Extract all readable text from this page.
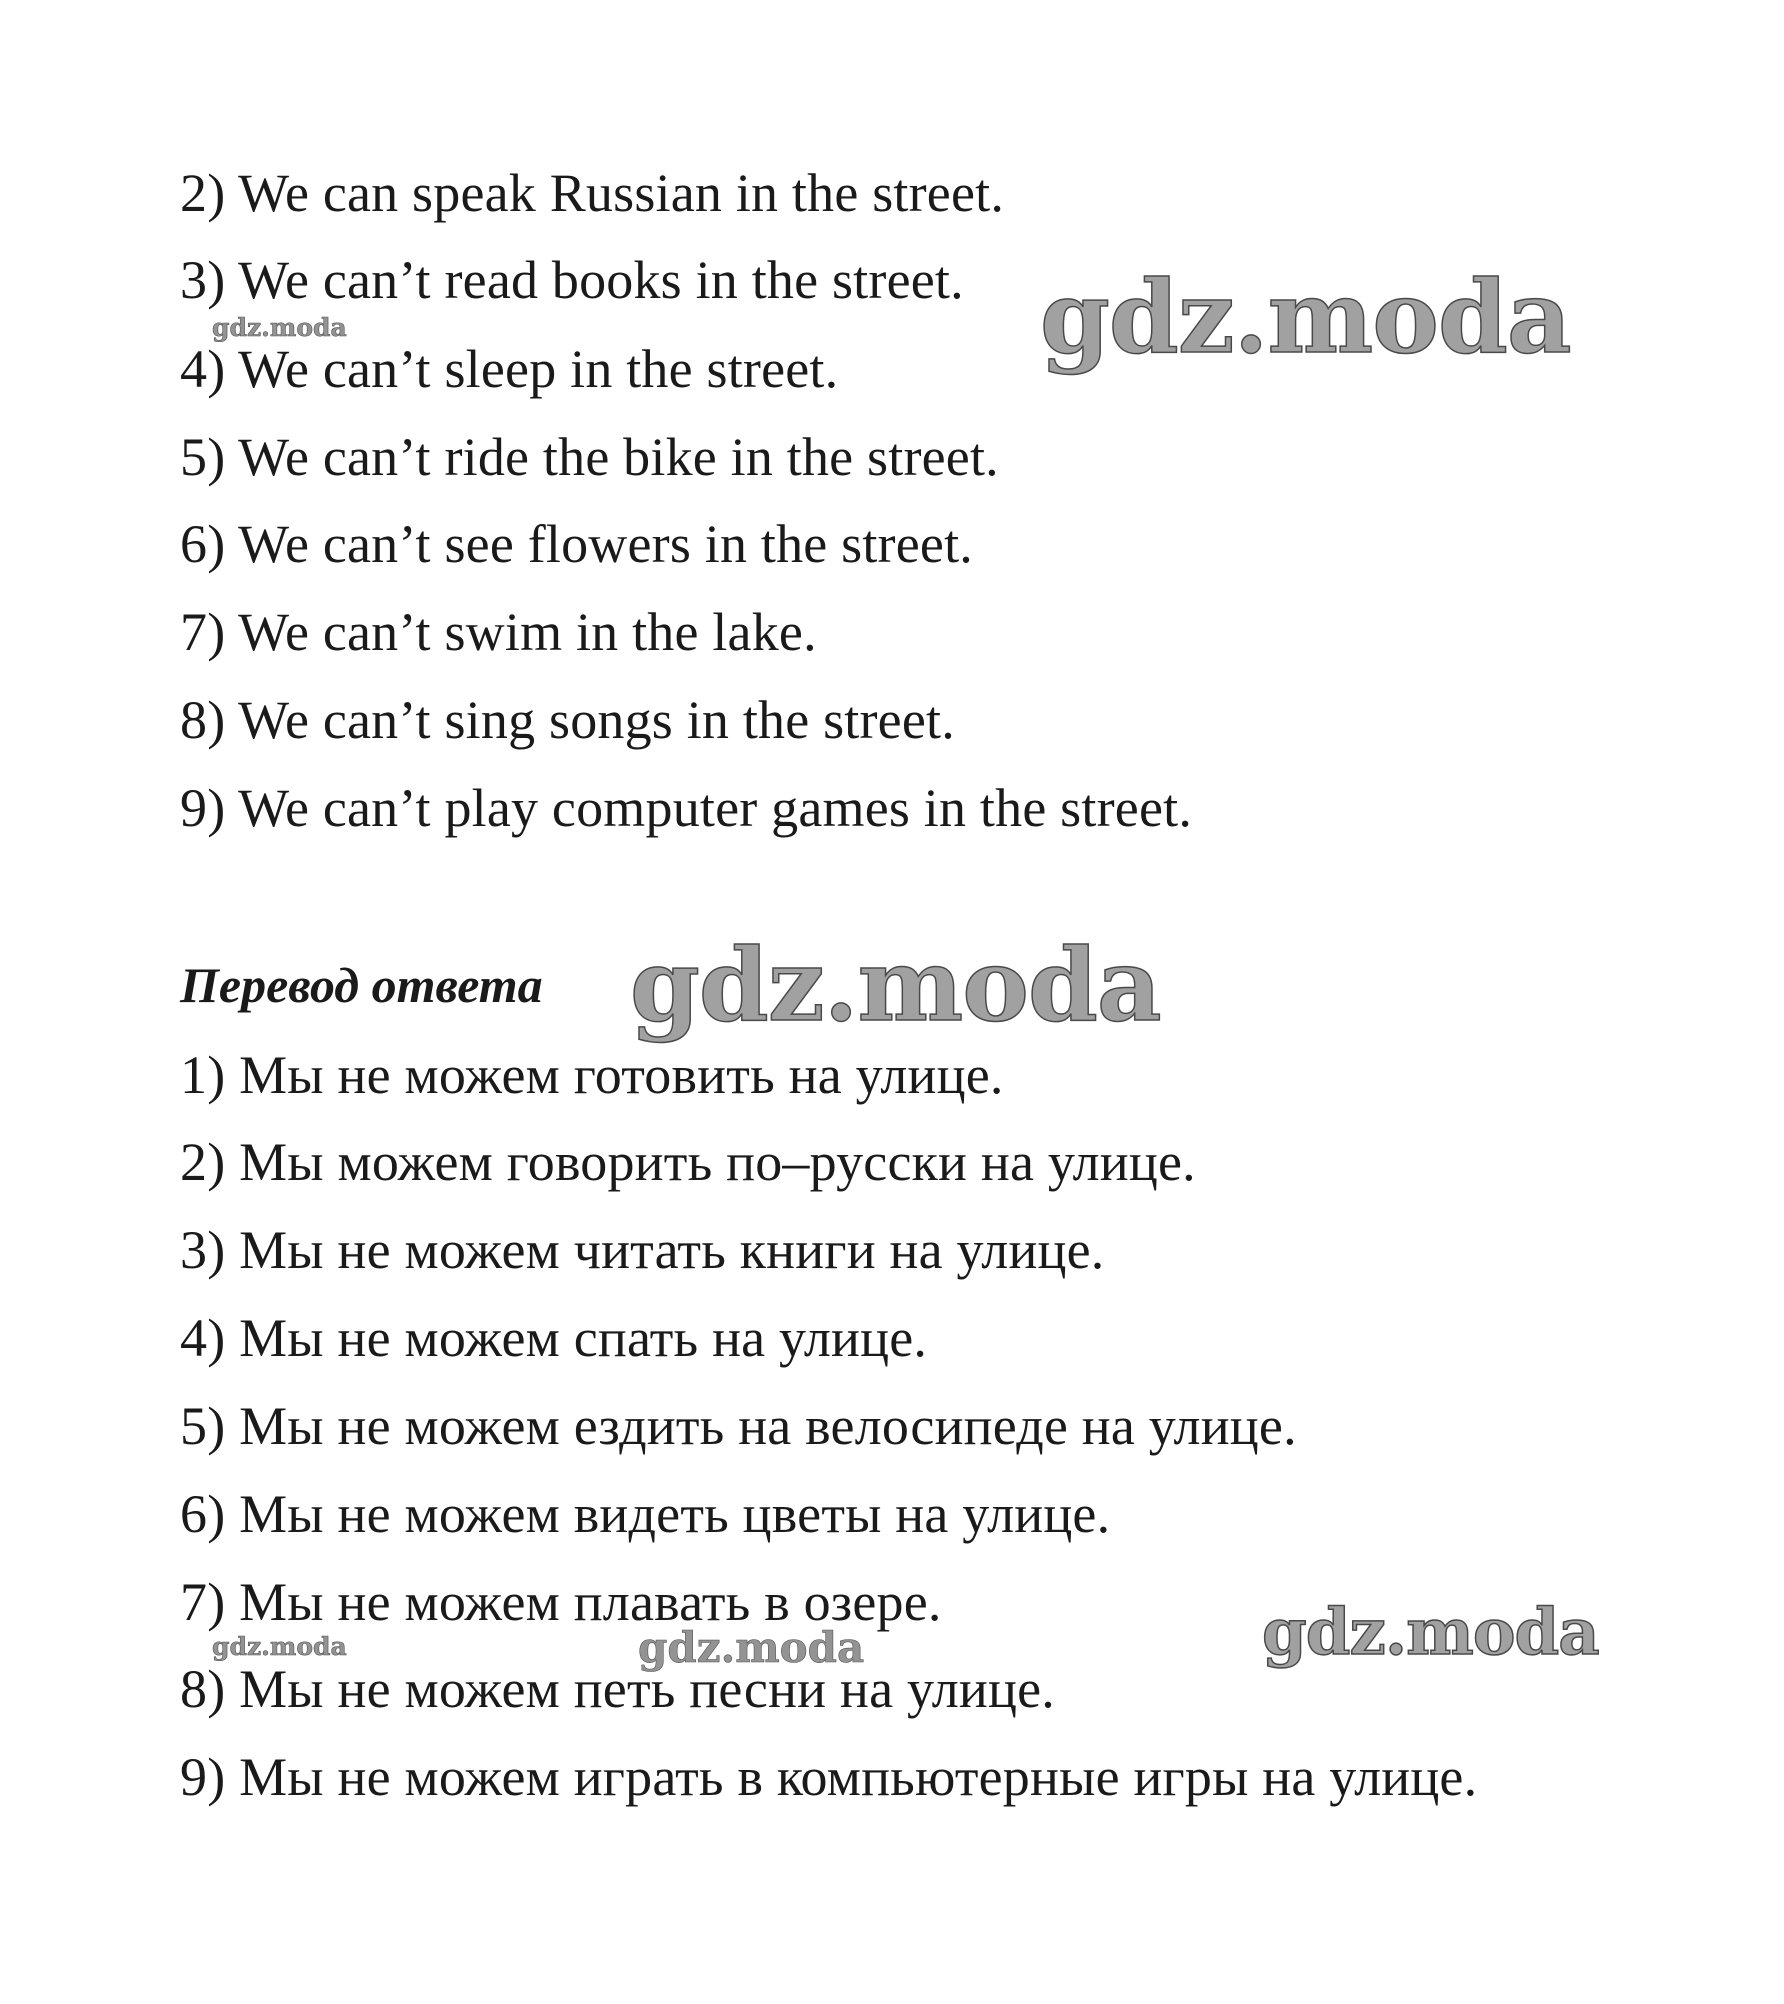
2) We can speak Russian in the street.
3) We can’t read books in the street.
4) We can’t sleep in the street.
5) We can’t ride the bike in the street.
6) We can’t see flowers in the street.
7) We can’t swim in the lake.
8) We can’t sing songs in the street.
9) We can’t play computer games in the street.
Перевод ответа
1) Мы не можем готовить на улице.
2) Мы можем говорить по–русски на улице.
3) Мы не можем читать книги на улице.
4) Мы не можем спать на улице.
5) Мы не можем ездить на велосипеде на улице.
6) Мы не можем видеть цветы на улице.
7) Мы не можем плавать в озере.
8) Мы не можем петь песни на улице.
9) Мы не можем играть в компьютерные игры на улице.
gdz.moda
gdz.moda
gdz.moda
gdz.moda
gdz.moda	gdz.moda
